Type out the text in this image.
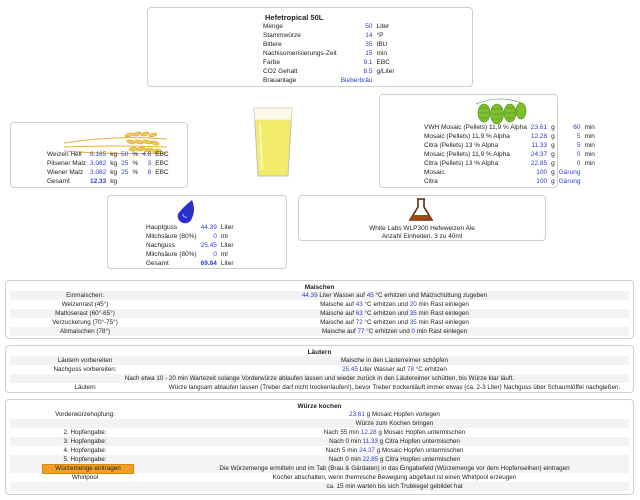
Hefetropical 50L
Menge	50	Liter
Stammwürze	14	°P
Bittere	35	IBU
Nachisomerisierungs-Zeit	15	min
Farbe	9.1	EBC
CO2 Gehalt	6.5	g/Liter
Brauanlage	Bieberbräu	
Weizen Hell	6.165	kg	50	%	4.8	EBC
Pilsener Malz	3.082	kg	25	%	3	EBC
Wiener Malz	3.082	kg	25	%	8	EBC
Gesamt	12.33	kg				
VWH Mosaic (Pellets) 11,9 % Alpha	23.61	g	60	min
Mosaic (Pellets) 11,9 % Alpha	12.28	g	5	min
Citra (Pellets) 13 % Alpha	11.33	g	5	min
Mosaic (Pellets) 11,9 % Alpha	24.37	g	0	min
Citra (Pellets) 13 % Alpha	22.85	g	0	min
Mosaic	100	g	Gärung	
Citra	100	g	Gärung	
Hauptguss	44.39	Liter
Milchsäure (80%)	0	ml
Nachguss	25.45	Liter
Milchsäure (80%)	0	ml
Gesamt	69.84	Liter
White Labs WLP300 Hefeweizen Ale
Anzahl Einheiten. 3 zu 40ml
Maischen
Einmaischen:	44.39 Liter Wasser auf 45 °C erhitzen und Malzschüttung zugeben
Weizenrast (45°)	Maische auf 43 °C erhitzen und 20 min Rast einlegen
Maltoserast (60°-65°)	Maische auf 63 °C erhitzen und 35 min Rast einlegen
Verzuckerung (70°-75°)	Maische auf 72 °C erhitzen und 35 min Rast einlegen
Abmaischen (78°)	Maische auf 77 °C erhitzen und 0 min Rast einlegen
Läutern
Läutern vorbereiten	Maische in den Läuterreimer schöpfen
Nachguss vorbereiten:	25.45 Liter Wasser auf 78 °C erhitzen
Nach etwa 10 - 20 min Wartezeit solange Vorderwürze ablaufen lassen und wieder zurück in den Läutereimer schütten, bis Würze klar läuft.
Läutern	Würze langsam ablaufen lassen (Treber darf nicht trockenlaufen!), bevor Treber trockenläuft immer etwas (ca. 2-3 Liter) Nachguss über Schaumlöffel nachgießen.
Würze kochen
Vorderwürzehopfung:	23.61 g Mosaic Hopfen vorlegen
Würze zum Kochen bringen
2. Hopfengabe:	Nach 55 min 12.28 g Mosaic Hopfen untermischen
3. Hopfengabe:	Nach 0 min 11.33 g Citra Hopfen untermischen
4. Hopfengabe:	Nach 5 min 24.37 g Mosaic Hopfen untermischen
5. Hopfengabe:	Nach 0 min 22.85 g Citra Hopfen untermischen
Würzemenge eintragen	Die Würzemenge ermitteln und im Tab (Brau & Gärdaten) in das Eingabefeld (Würzemenge vor dem Hopfenseihen) eintragen
Whirlpool	Kocher abschalten, wenn thermische Bewegung abgeflaut ist einen Whirlpool erzeugen
ca. 15 min warten bis sich Trubkegel gebildet hat
